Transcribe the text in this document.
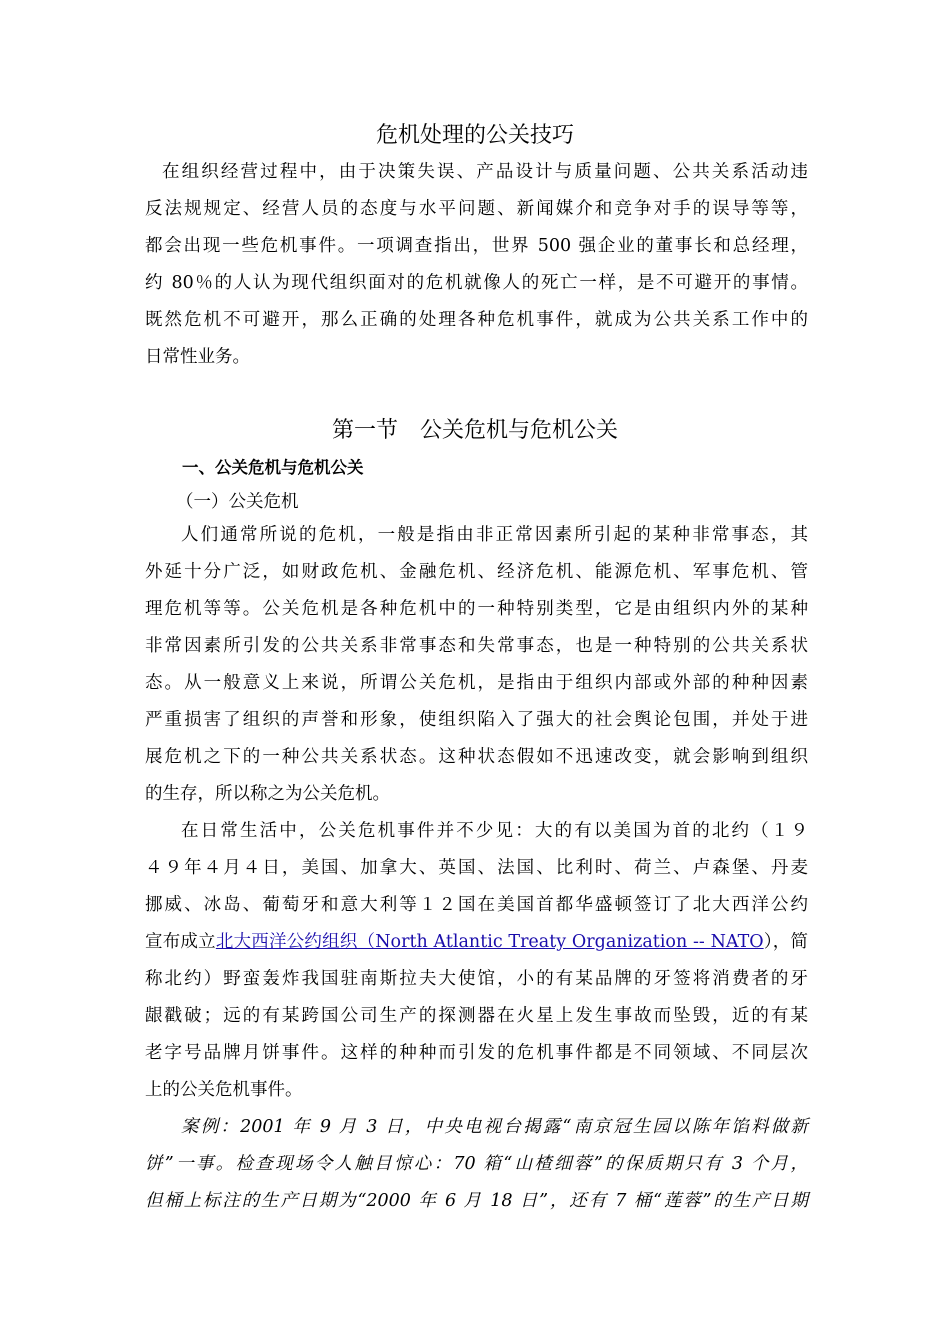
危机处理的公关技巧
在组织经营过程中，由于决策失误、产品设计与质量问题、公共关系活动违
反法规规定、经营人员的态度与水平问题、新闻媒介和竞争对手的误导等等，
都会出现一些危机事件。一项调查指出，世界 500 强企业的董事长和总经理，
约 80％的人认为现代组织面对的危机就像人的死亡一样，是不可避开的事情。
既然危机不可避开，那么正确的处理各种危机事件，就成为公共关系工作中的
日常性业务。
第一节　公关危机与危机公关
一、公关危机与危机公关
（一）公关危机
人们通常所说的危机，一般是指由非正常因素所引起的某种非常事态，其
外延十分广泛，如财政危机、金融危机、经济危机、能源危机、军事危机、管
理危机等等。公关危机是各种危机中的一种特别类型，它是由组织内外的某种
非常因素所引发的公共关系非常事态和失常事态，也是一种特别的公共关系状
态。从一般意义上来说，所谓公关危机，是指由于组织内部或外部的种种因素
严重损害了组织的声誉和形象，使组织陷入了强大的社会舆论包围，并处于进
展危机之下的一种公共关系状态。这种状态假如不迅速改变，就会影响到组织
的生存，所以称之为公关危机。
在日常生活中，公关危机事件并不少见：大的有以美国为首的北约（１９
４９年４月４日，美国、加拿大、英国、法国、比利时、荷兰、卢森堡、丹麦
挪威、冰岛、葡萄牙和意大利等１２国在美国首都华盛顿签订了北大西洋公约
宣布成立北大西洋公约组织（North Atlantic Treaty Organization -- NATO），简
称北约）野蛮轰炸我国驻南斯拉夫大使馆，小的有某品牌的牙签将消费者的牙
龈戳破；远的有某跨国公司生产的探测器在火星上发生事故而坠毁，近的有某
老字号品牌月饼事件。这样的种种而引发的危机事件都是不同领域、不同层次
上的公关危机事件。
案例：2001 年 9 月 3 日，中央电视台揭露“南京冠生园以陈年馅料做新
饼”一事。检查现场令人触目惊心：70 箱“山楂细蓉”的保质期只有 3 个月，
但桶上标注的生产日期为“2000 年 6 月 18 日”，还有 7 桶“莲蓉”的生产日期
